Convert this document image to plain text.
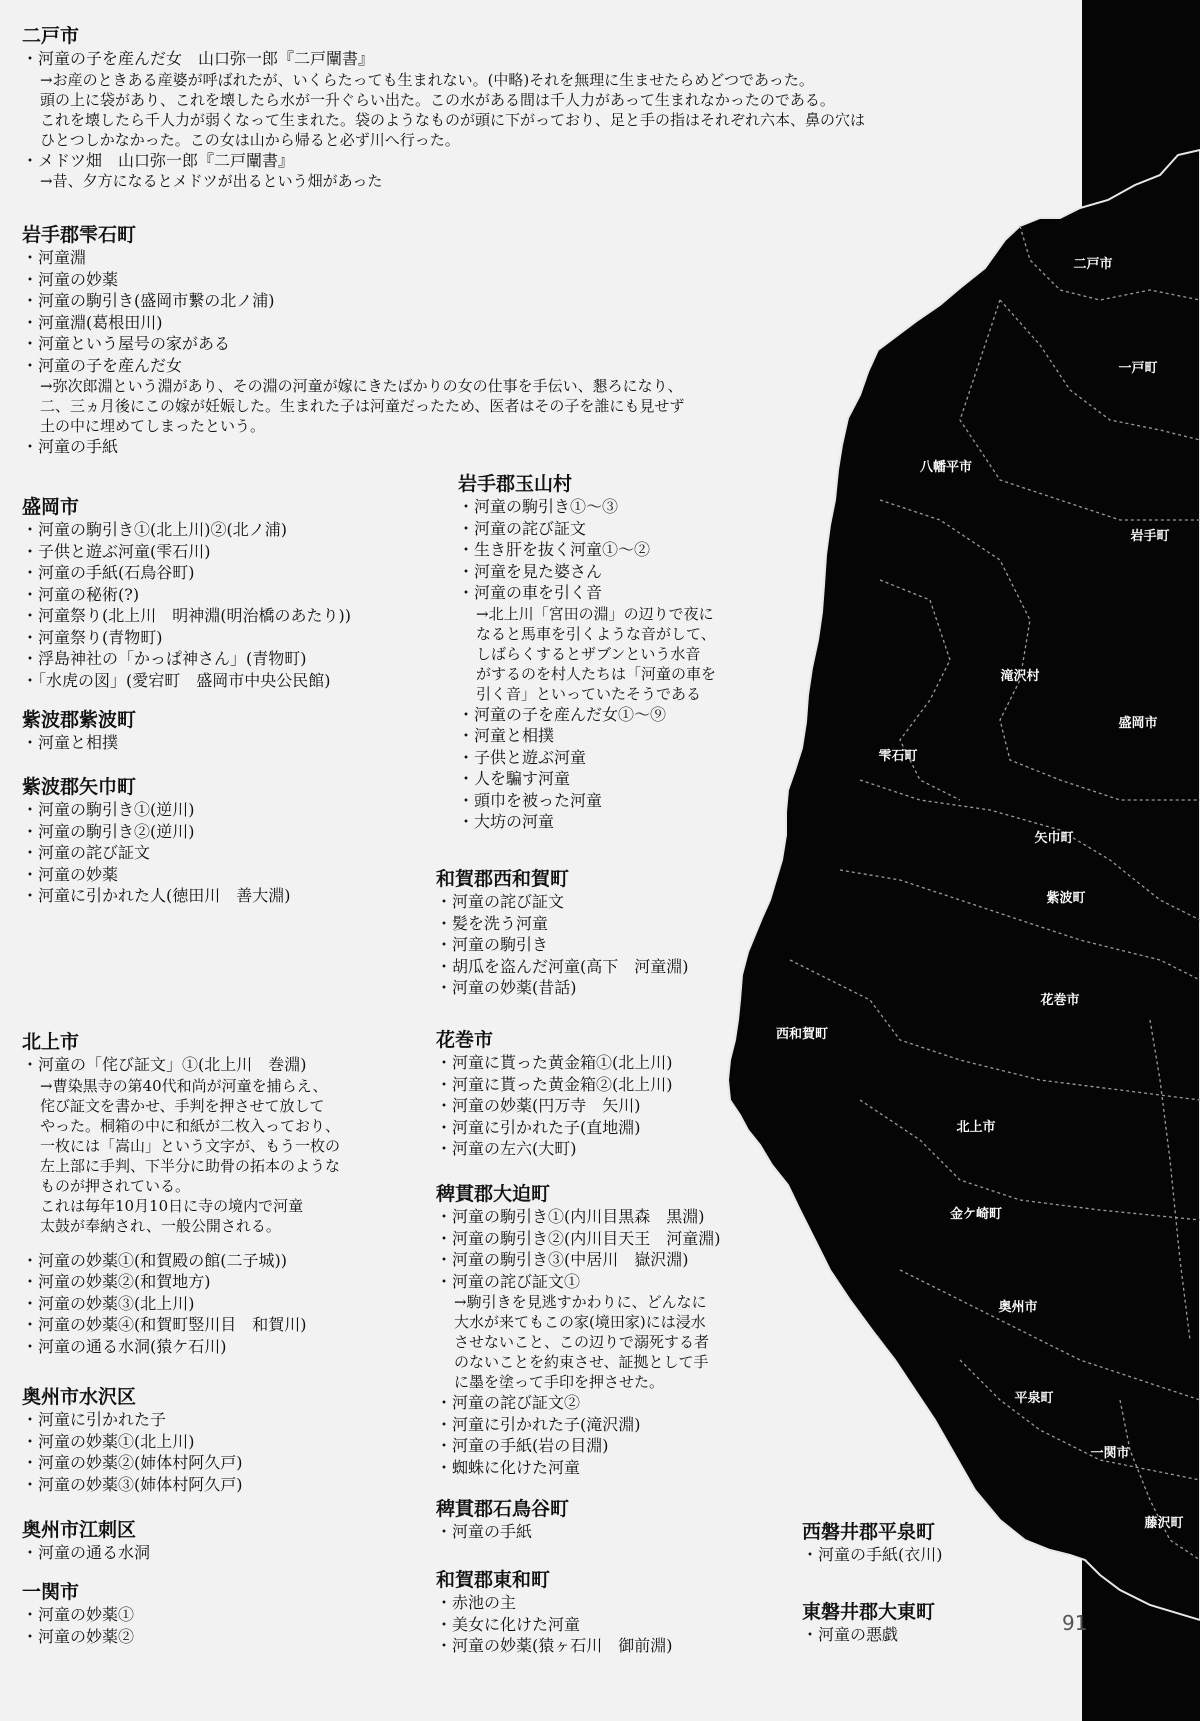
二戸市
一戸町
八幡平市
岩手町
滝沢村
盛岡市
雫石町
矢巾町
紫波町
花巻市
西和賀町
北上市
金ケ崎町
奥州市
平泉町
一関市
藤沢町
91
二戸市
・河童の子を産んだ女　山口弥一郎『二戸闡書』
→お産のときある産婆が呼ばれたが、いくらたっても生まれない。(中略)それを無理に生ませたらめどつであった。
頭の上に袋があり、これを壊したら水が一升ぐらい出た。この水がある間は千人力があって生まれなかったのである。
これを壊したら千人力が弱くなって生まれた。袋のようなものが頭に下がっており、足と手の指はそれぞれ六本、鼻の穴は
ひとつしかなかった。この女は山から帰ると必ず川へ行った。
・メドツ畑　山口弥一郎『二戸闡書』
→昔、夕方になるとメドツが出るという畑があった
岩手郡雫石町
・河童淵
・河童の妙薬
・河童の駒引き(盛岡市繋の北ノ浦)
・河童淵(葛根田川)
・河童という屋号の家がある
・河童の子を産んだ女
→弥次郎淵という淵があり、その淵の河童が嫁にきたばかりの女の仕事を手伝い、懇ろになり、
二、三ヵ月後にこの嫁が妊娠した。生まれた子は河童だったため、医者はその子を誰にも見せず
土の中に埋めてしまったという。
・河童の手紙
盛岡市
・河童の駒引き①(北上川)②(北ノ浦)
・子供と遊ぶ河童(雫石川)
・河童の手紙(石鳥谷町)
・河童の秘術(?)
・河童祭り(北上川　明神淵(明治橋のあたり))
・河童祭り(青物町)
・浮島神社の「かっぱ神さん」(青物町)
・「水虎の図」(愛宕町　盛岡市中央公民館)
紫波郡紫波町
・河童と相撲
紫波郡矢巾町
・河童の駒引き①(逆川)
・河童の駒引き②(逆川)
・河童の詫び証文
・河童の妙薬
・河童に引かれた人(徳田川　善大淵)
北上市
・河童の「侘び証文」①(北上川　巻淵)
→曹染黒寺の第40代和尚が河童を捕らえ、
侘び証文を書かせ、手判を押させて放して
やった。桐箱の中に和紙が二枚入っており、
一枚には「嵩山」という文字が、もう一枚の
左上部に手判、下半分に助骨の拓本のような
ものが押されている。
これは毎年10月10日に寺の境内で河童
太鼓が奉納され、一般公開される。
・河童の妙薬①(和賀殿の館(二子城))
・河童の妙薬②(和賀地方)
・河童の妙薬③(北上川)
・河童の妙薬④(和賀町竪川目　和賀川)
・河童の通る水洞(猿ケ石川)
奥州市水沢区
・河童に引かれた子
・河童の妙薬①(北上川)
・河童の妙薬②(姉体村阿久戸)
・河童の妙薬③(姉体村阿久戸)
奥州市江刺区
・河童の通る水洞
一関市
・河童の妙薬①
・河童の妙薬②
岩手郡玉山村
・河童の駒引き①～③
・河童の詫び証文
・生き肝を抜く河童①～②
・河童を見た婆さん
・河童の車を引く音
→北上川「宮田の淵」の辺りで夜に
なると馬車を引くような音がして、
しばらくするとザブンという水音
がするのを村人たちは「河童の車を
引く音」といっていたそうである
・河童の子を産んだ女①～⑨
・河童と相撲
・子供と遊ぶ河童
・人を騙す河童
・頭巾を被った河童
・大坊の河童
和賀郡西和賀町
・河童の詫び証文
・髪を洗う河童
・河童の駒引き
・胡瓜を盗んだ河童(高下　河童淵)
・河童の妙薬(昔話)
花巻市
・河童に貰った黄金箱①(北上川)
・河童に貰った黄金箱②(北上川)
・河童の妙薬(円万寺　矢川)
・河童に引かれた子(直地淵)
・河童の左六(大町)
稗貫郡大迫町
・河童の駒引き①(内川目黒森　黒淵)
・河童の駒引き②(内川目天王　河童淵)
・河童の駒引き③(中居川　嶽沢淵)
・河童の詫び証文①
→駒引きを見逃すかわりに、どんなに
大水が来てもこの家(境田家)には浸水
させないこと、この辺りで溺死する者
のないことを約束させ、証拠として手
に墨を塗って手印を押させた。
・河童の詫び証文②
・河童に引かれた子(滝沢淵)
・河童の手紙(岩の目淵)
・蜘蛛に化けた河童
稗貫郡石鳥谷町
・河童の手紙
和賀郡東和町
・赤池の主
・美女に化けた河童
・河童の妙薬(猿ヶ石川　御前淵)
西磐井郡平泉町
・河童の手紙(衣川)
東磐井郡大東町
・河童の悪戯
